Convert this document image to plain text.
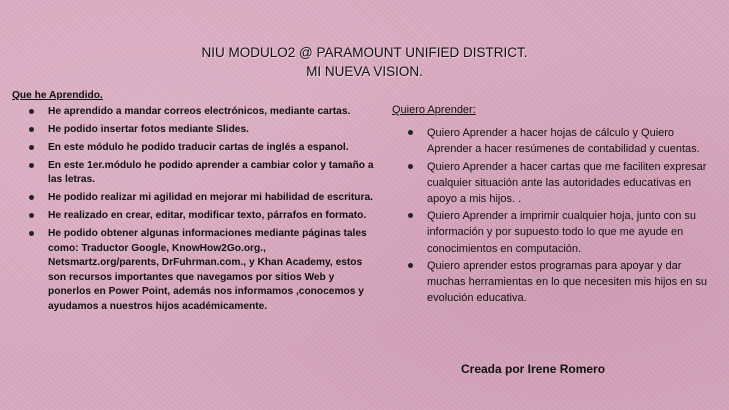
NIU MODULO2 @ PARAMOUNT UNIFIED DISTRICT.
MI NUEVA VISION.
Que he Aprendido.
He aprendido a mandar correos electrónicos, mediante cartas.
He podido insertar fotos mediante Slides.
En este módulo he podido traducir cartas de inglés a espanol.
En este 1er.módulo he podido aprender a cambiar color y tamaño a las letras.
He podido realizar mi agilidad en mejorar mi habilidad de escritura.
He realizado en crear, editar, modificar texto, párrafos en formato.
He podido obtener algunas informaciones mediante páginas tales como: Traductor Google, KnowHow2Go.org., Netsmartz.org/parents, DrFuhrman.com., y Khan Academy, estos son recursos importantes que navegamos por sitios Web y ponerlos en Power Point, además nos informamos ,conocemos y ayudamos a nuestros hijos académicamente.
Quiero Aprender:
Quiero Aprender a hacer hojas de cálculo y Quiero Aprender a hacer resúmenes de contabilidad y cuentas.
Quiero Aprender a hacer cartas que me faciliten expresar cualquier situación ante las autoridades educativas en apoyo a mis hijos. .
Quiero Aprender a imprimir cualquier hoja, junto con su información y por supuesto todo lo que me ayude en conocimientos en computación.
Quiero aprender estos programas para apoyar y dar muchas herramientas en lo que necesiten mis hijos en su evolución educativa.
Creada por Irene Romero
